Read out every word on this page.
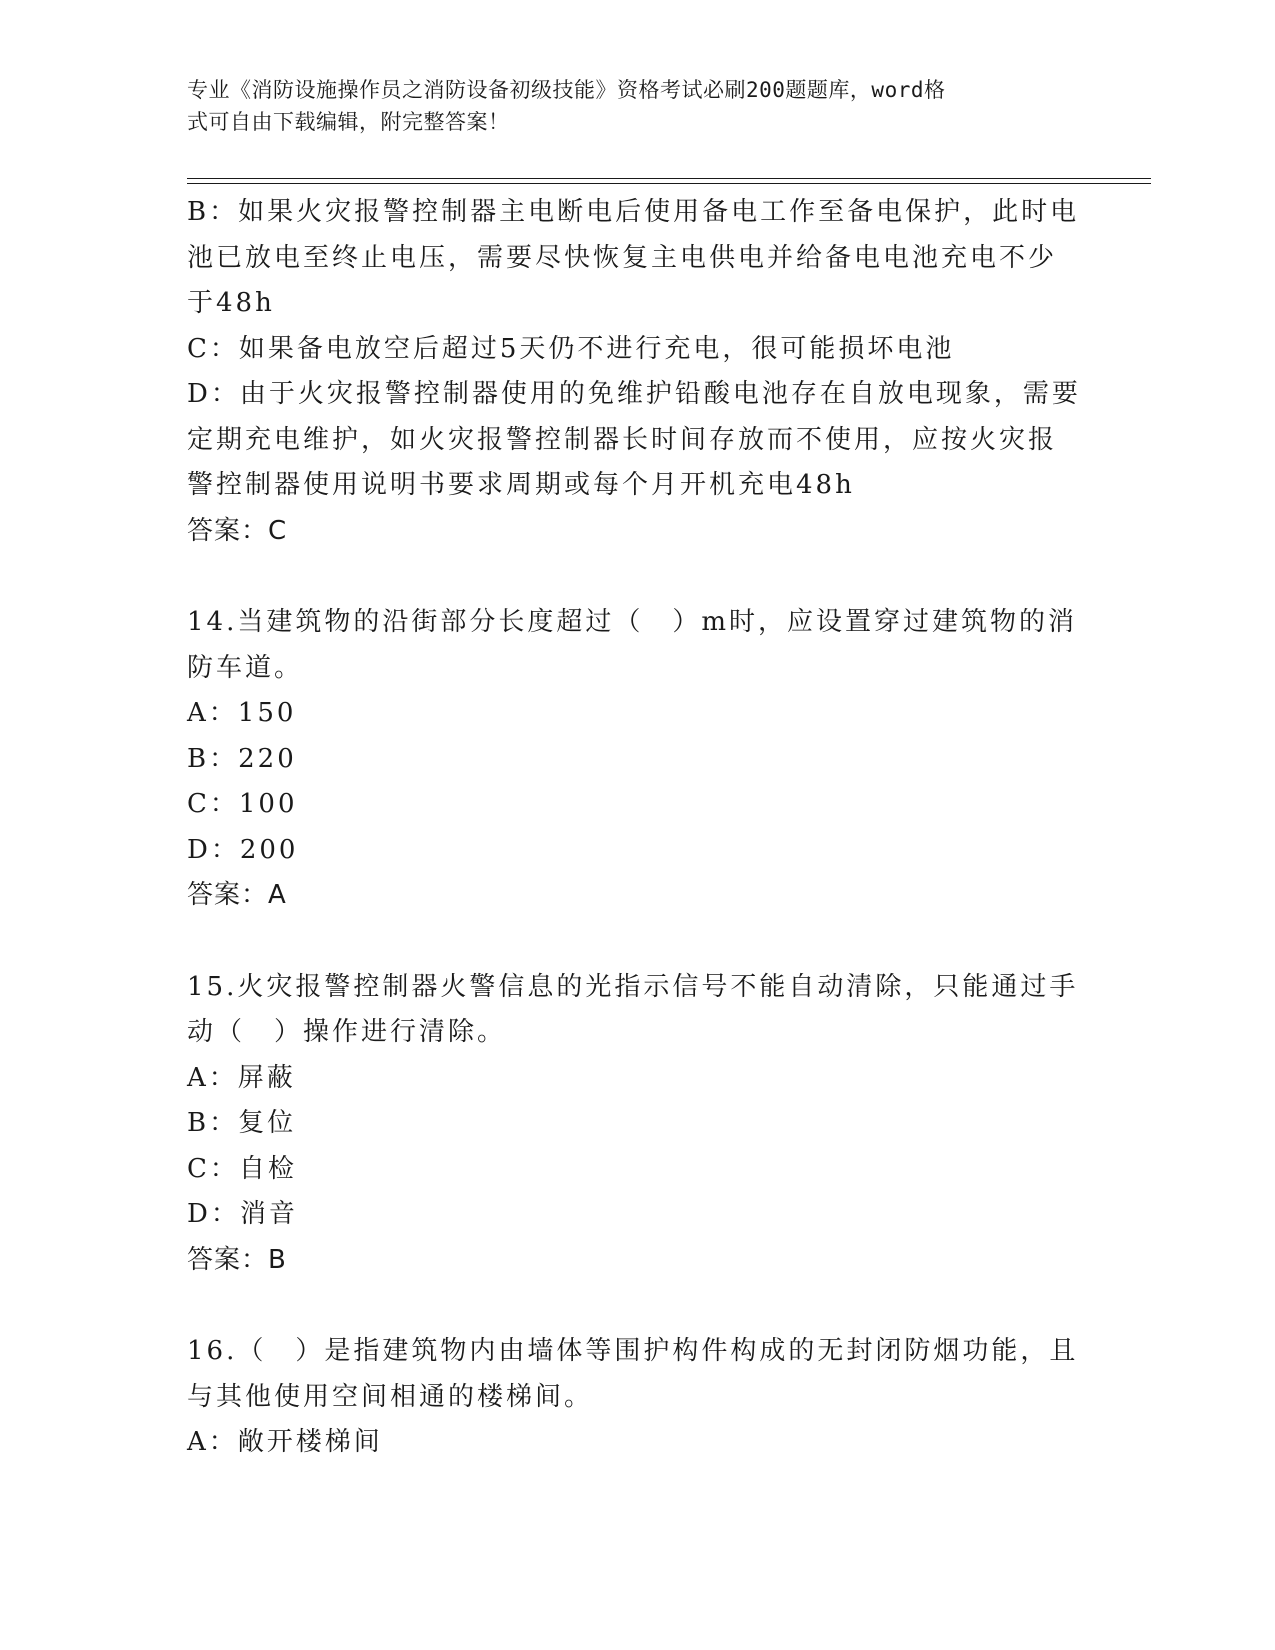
专业《消防设施操作员之消防设备初级技能》资格考试必刷200题题库，word格
式可自由下载编辑，附完整答案！

B：如果火灾报警控制器主电断电后使用备电工作至备电保护，此时电

池已放电至终止电压，需要尽快恢复主电供电并给备电电池充电不少

于48h

C：如果备电放空后超过5天仍不进行充电，很可能损坏电池

D：由于火灾报警控制器使用的免维护铅酸电池存在自放电现象，需要

定期充电维护，如火灾报警控制器长时间存放而不使用，应按火灾报

警控制器使用说明书要求周期或每个月开机充电48h

答案：C

14.当建筑物的沿街部分长度超过（　）m时，应设置穿过建筑物的消

防车道。

A：150

B：220

C：100

D：200

答案：A

15.火灾报警控制器火警信息的光指示信号不能自动清除，只能通过手

动（　）操作进行清除。

A：屏蔽

B：复位

C：自检

D：消音

答案：B

16.（　）是指建筑物内由墙体等围护构件构成的无封闭防烟功能，且

与其他使用空间相通的楼梯间。

A：敞开楼梯间
